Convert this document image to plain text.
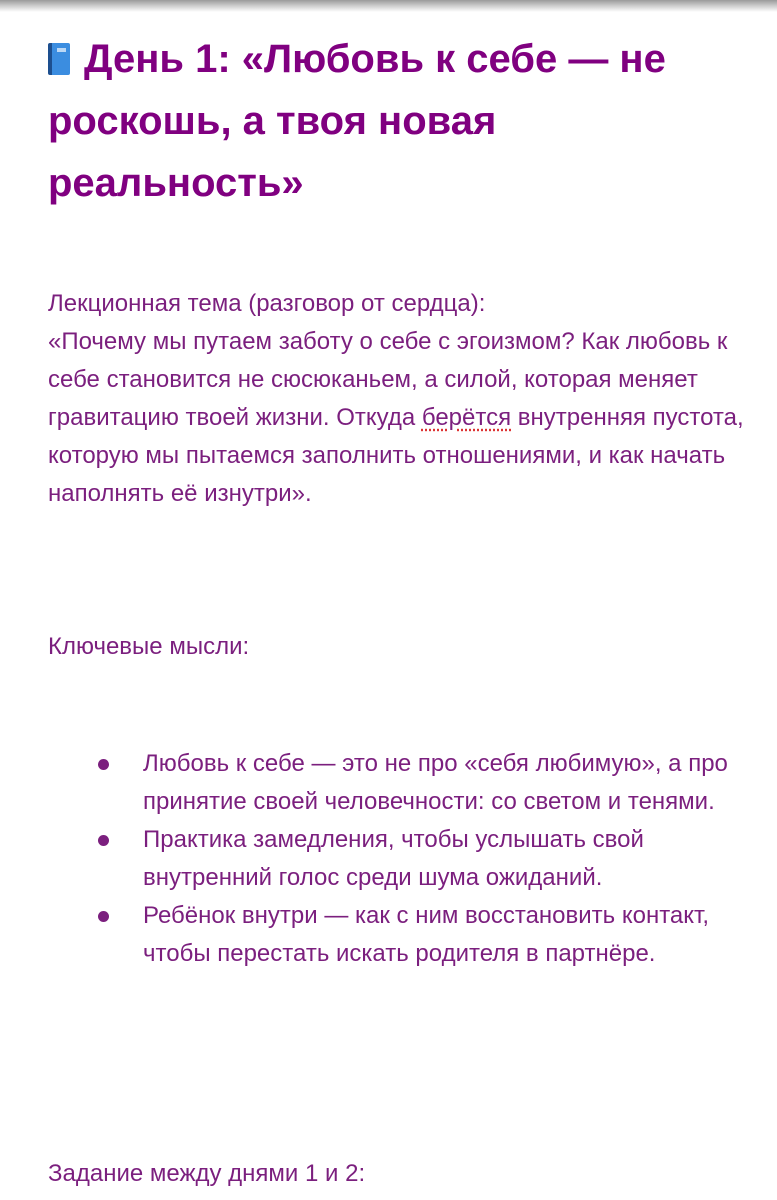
День 1: «Любовь к себе — не роскошь, а твоя новая реальность»

Лекционная тема (разговор от сердца):
«Почему мы путаем заботу о себе с эгоизмом? Как любовь к себе становится не сюсюканьем, а силой, которая меняет гравитацию твоей жизни. Откуда берётся внутренняя пустота, которую мы пытаемся заполнить отношениями, и как начать наполнять её изнутри».

Ключевые мысли:

Любовь к себе — это не про «себя любимую», а про принятие своей человечности: со светом и тенями.
Практика замедления, чтобы услышать свой внутренний голос среди шума ожиданий.
Ребёнок внутри — как с ним восстановить контакт, чтобы перестать искать родителя в партнёре.

Задание между днями 1 и 2:
